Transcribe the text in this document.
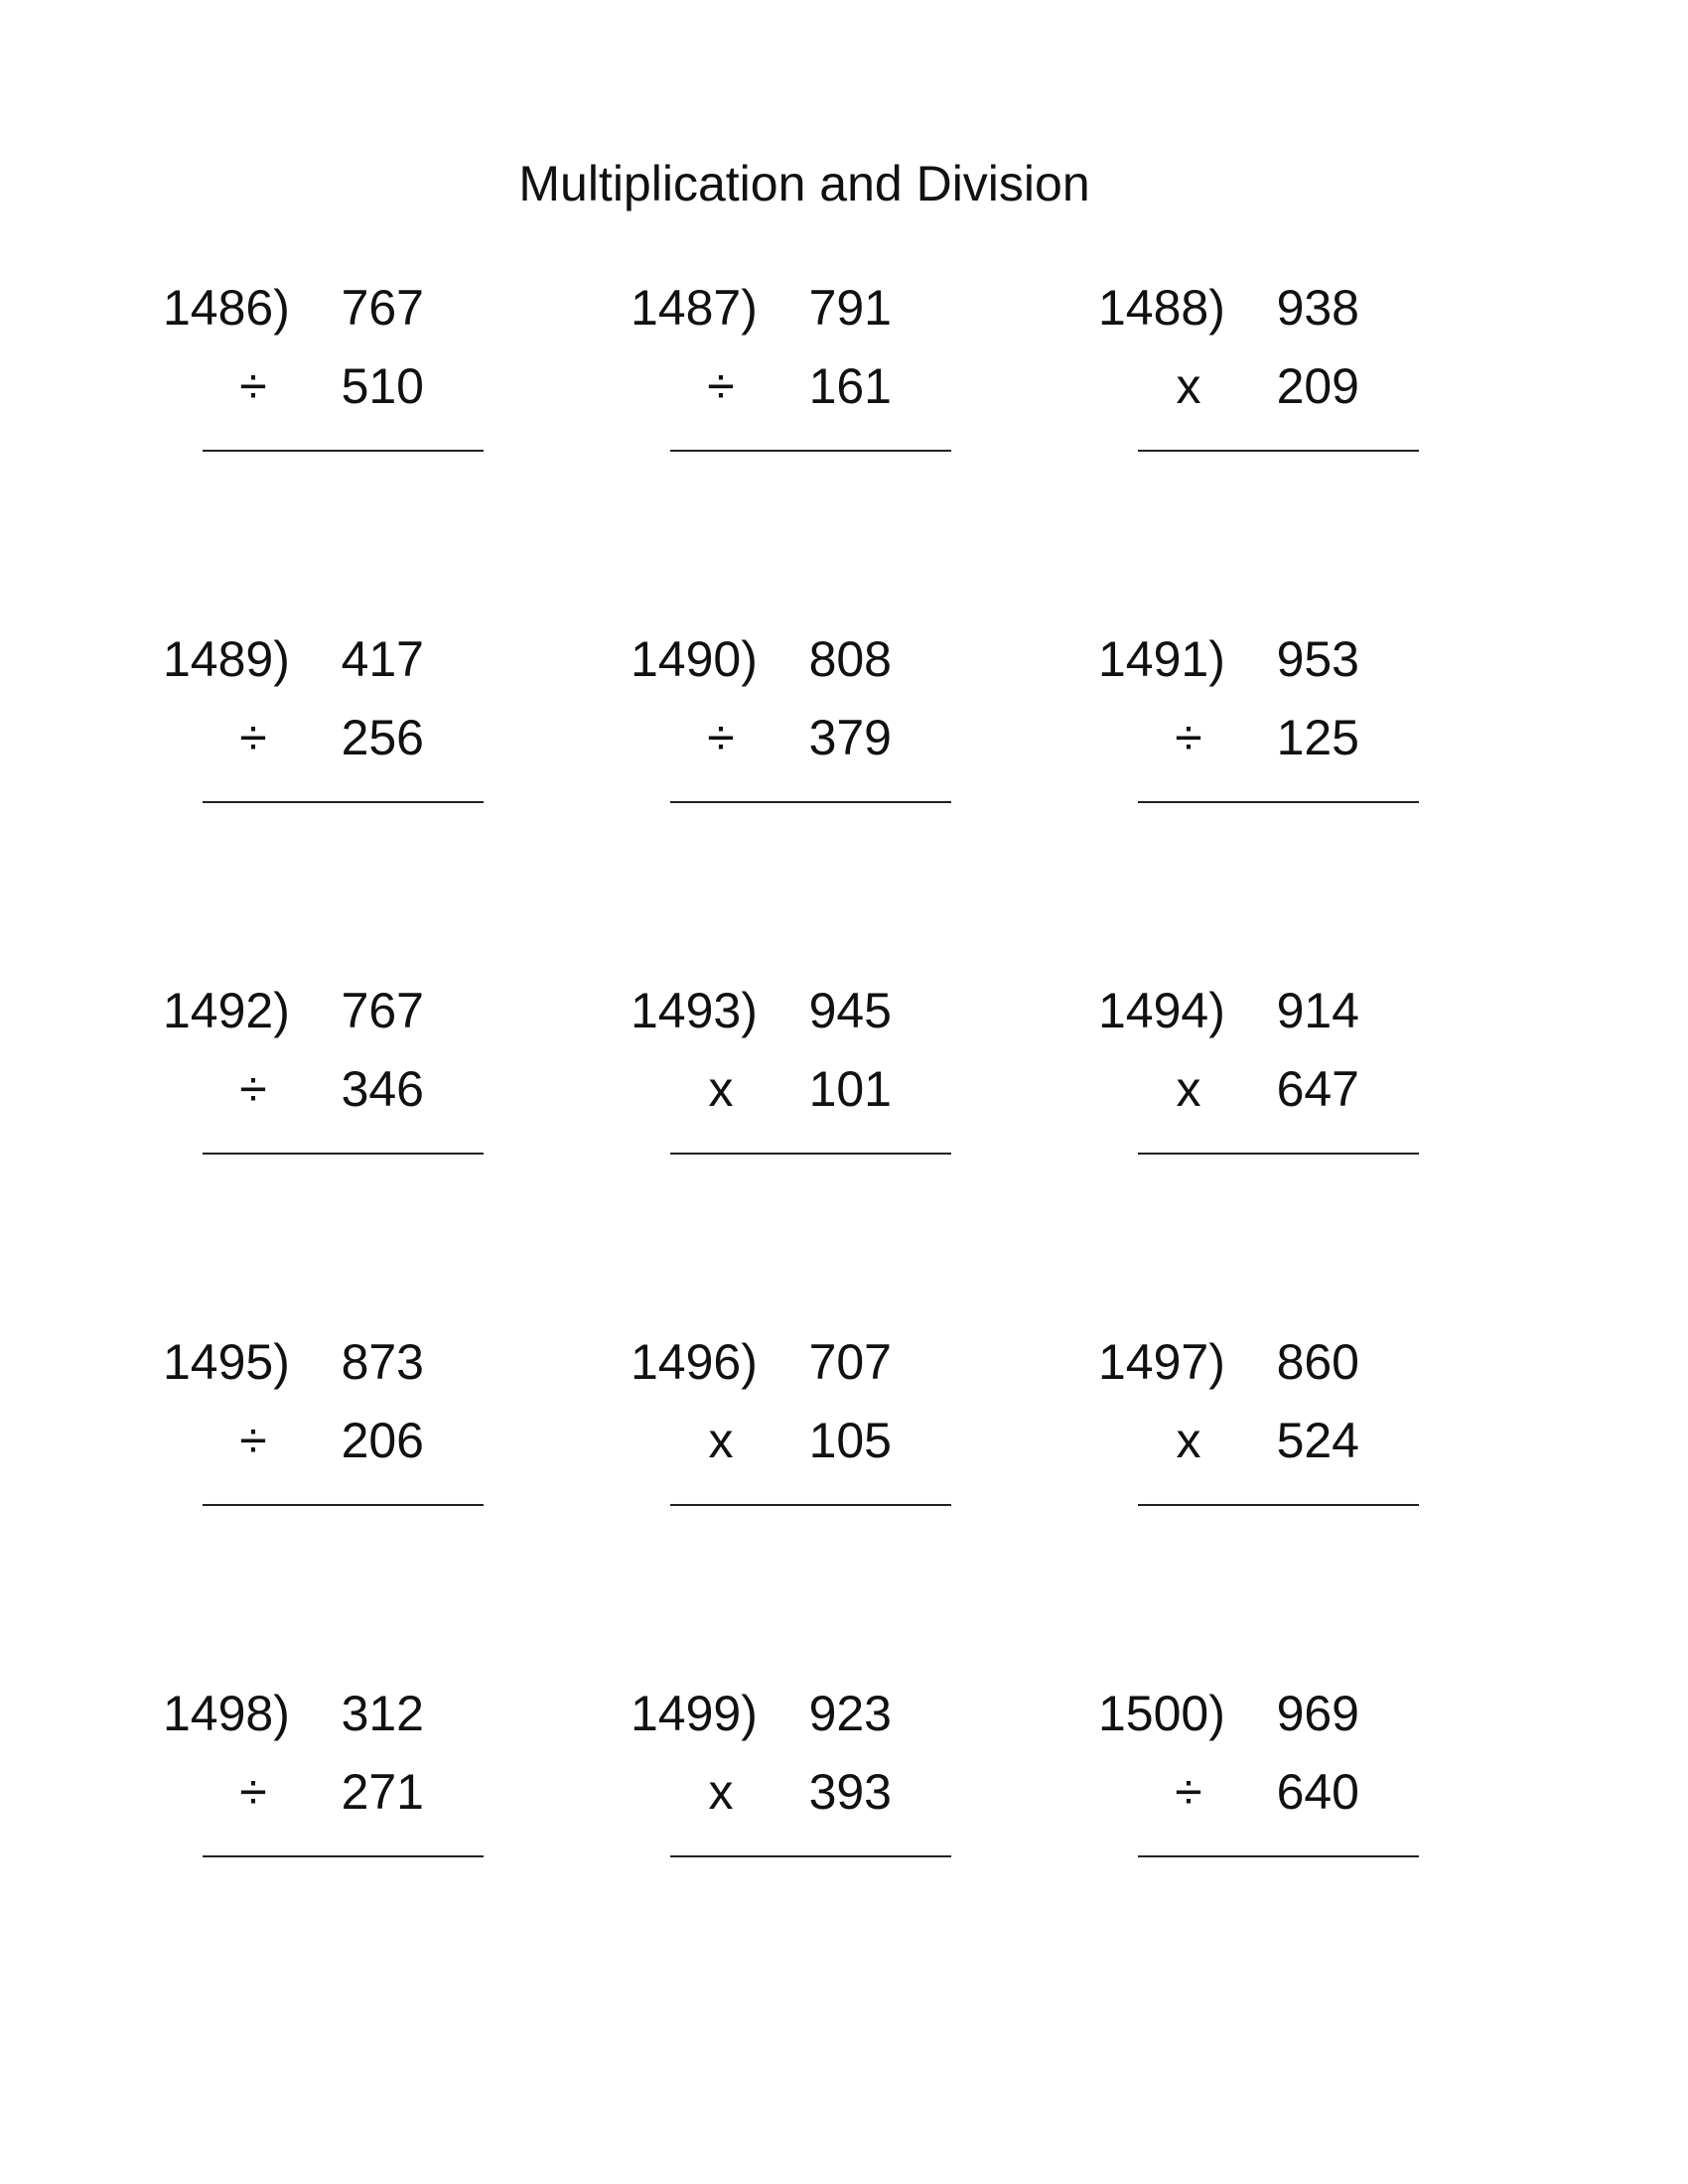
Multiplication and Division
1486) 767
÷ 510
1487) 791
÷ 161
1488) 938
x 209
1489) 417
÷ 256
1490) 808
÷ 379
1491) 953
÷ 125
1492) 767
÷ 346
1493) 945
x 101
1494) 914
x 647
1495) 873
÷ 206
1496) 707
x 105
1497) 860
x 524
1498) 312
÷ 271
1499) 923
x 393
1500) 969
÷ 640
